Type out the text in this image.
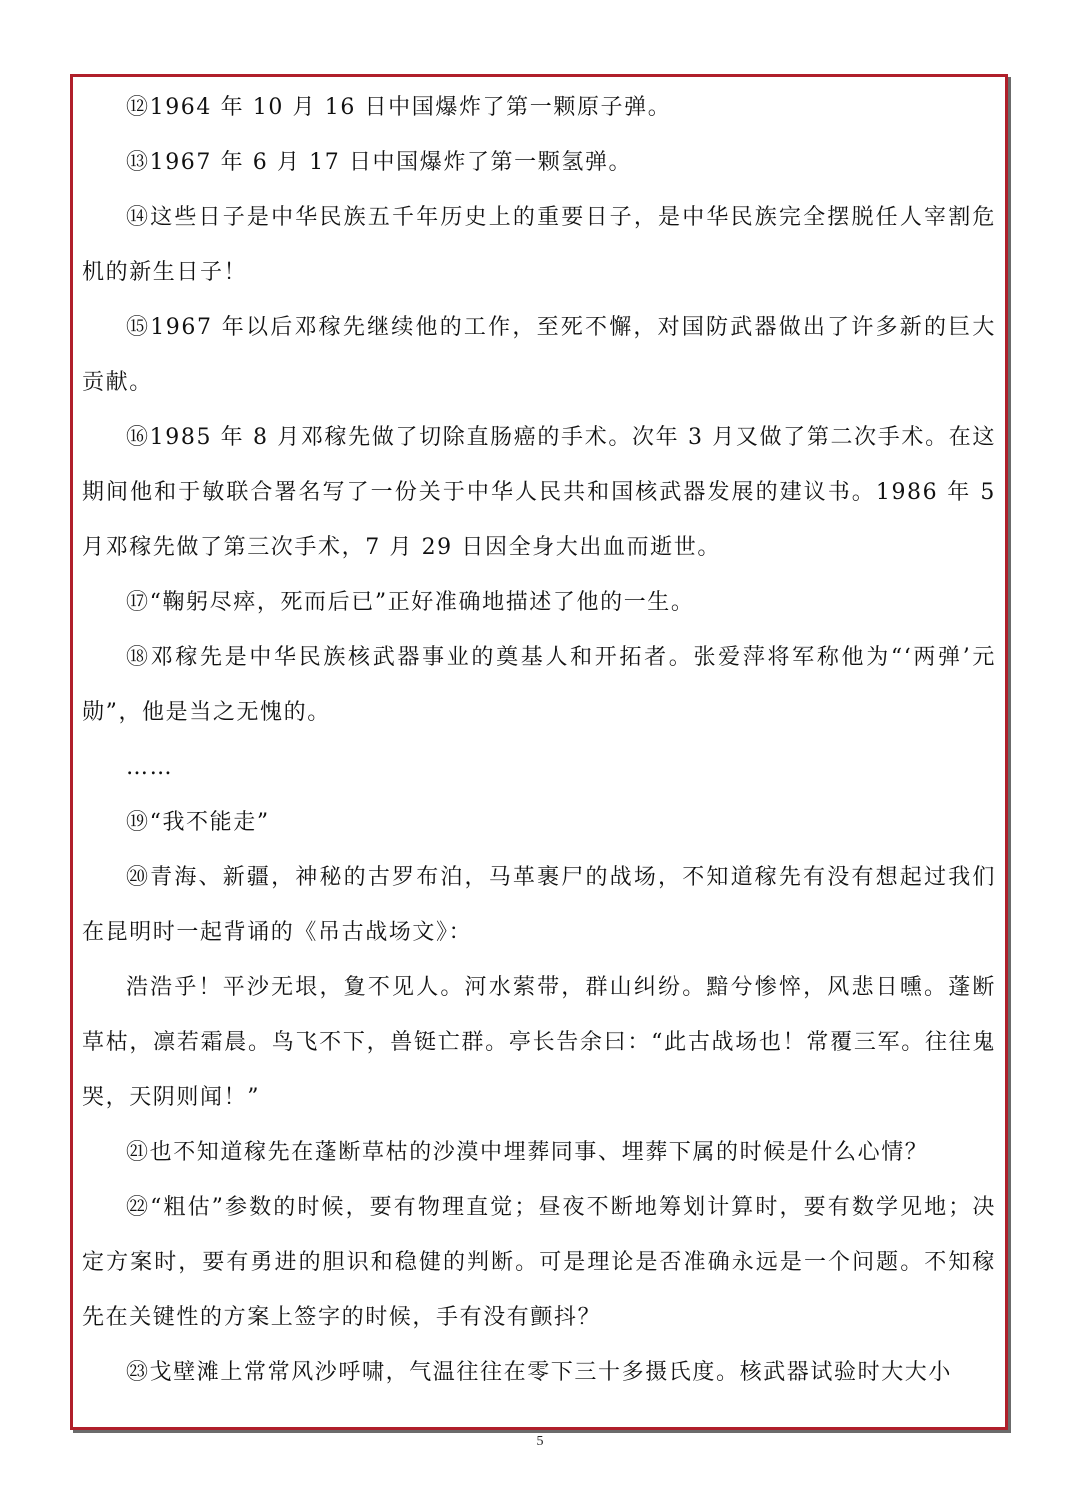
⑫1964 年 10 月 16 日中国爆炸了第一颗原子弹。

⑬1967 年 6 月 17 日中国爆炸了第一颗氢弹。

⑭这些日子是中华民族五千年历史上的重要日子，是中华民族完全摆脱任人宰割危机的新生日子！

⑮1967 年以后邓稼先继续他的工作，至死不懈，对国防武器做出了许多新的巨大贡献。

⑯1985 年 8 月邓稼先做了切除直肠癌的手术。次年 3 月又做了第二次手术。在这期间他和于敏联合署名写了一份关于中华人民共和国核武器发展的建议书。1986 年 5 月邓稼先做了第三次手术，7 月 29 日因全身大出血而逝世。

⑰“鞠躬尽瘁，死而后已”正好准确地描述了他的一生。

⑱邓稼先是中华民族核武器事业的奠基人和开拓者。张爱萍将军称他为“‘两弹’元勋”，他是当之无愧的。

……

⑲“我不能走”

⑳青海、新疆，神秘的古罗布泊，马革裹尸的战场，不知道稼先有没有想起过我们在昆明时一起背诵的《吊古战场文》：

浩浩乎！平沙无垠，夐不见人。河水萦带，群山纠纷。黯兮惨悴，风悲日曛。蓬断草枯，凛若霜晨。鸟飞不下，兽铤亡群。亭长告余曰：“此古战场也！常覆三军。往往鬼哭，天阴则闻！”

㉑也不知道稼先在蓬断草枯的沙漠中埋葬同事、埋葬下属的时候是什么心情？

㉒“粗估”参数的时候，要有物理直觉；昼夜不断地筹划计算时，要有数学见地；决定方案时，要有勇进的胆识和稳健的判断。可是理论是否准确永远是一个问题。不知稼先在关键性的方案上签字的时候，手有没有颤抖？

㉓戈壁滩上常常风沙呼啸，气温往往在零下三十多摄氏度。核武器试验时大大小

5
